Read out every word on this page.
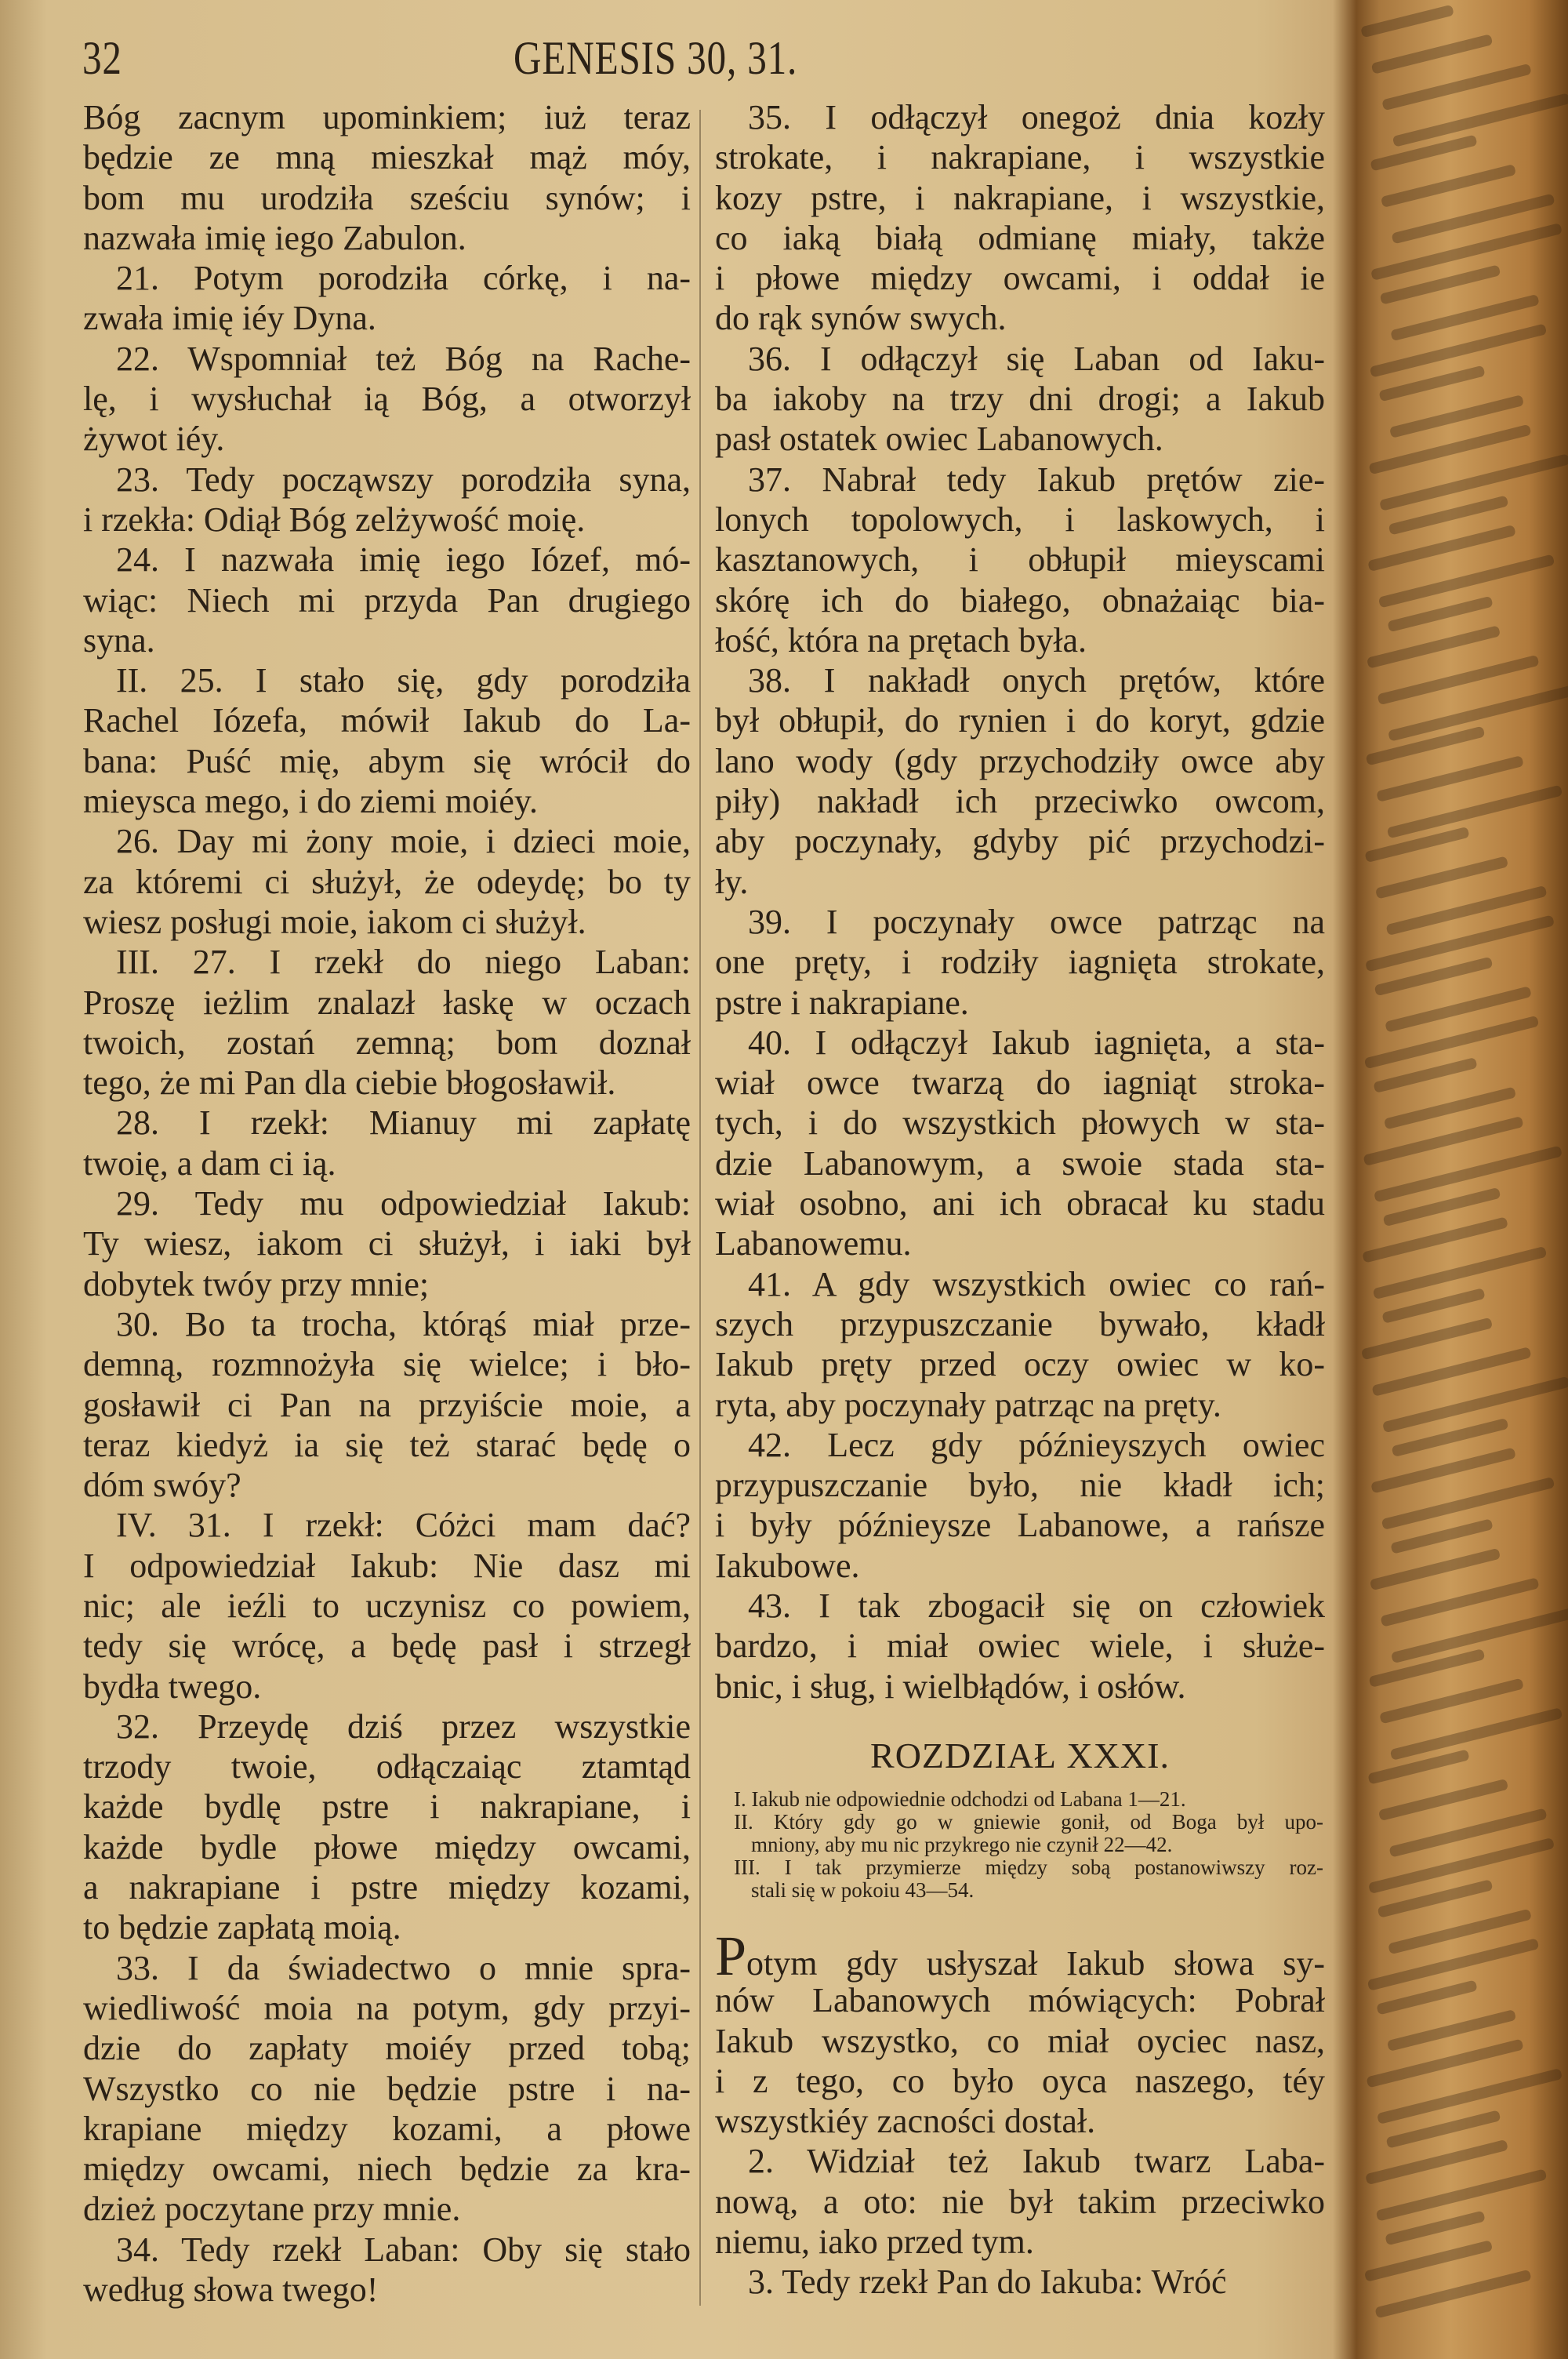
32	GENESIS 30, 31.
Bóg zacnym upominkiem; iuż teraz
będzie ze mną mieszkał mąż móy,
bom mu urodziła sześciu synów; i
nazwała imię iego Zabulon.
21. Potym porodziła córkę, i na-
zwała imię iéy Dyna.
22. Wspomniał też Bóg na Rache-
lę, i wysłuchał ią Bóg, a otworzył
żywot iéy.
23. Tedy począwszy porodziła syna,
i rzekła: Odiął Bóg zelżywość moię.
24. I nazwała imię iego Iózef, mó-
wiąc: Niech mi przyda Pan drugiego
syna.
II. 25. I stało się, gdy porodziła
Rachel Iózefa, mówił Iakub do La-
bana: Puść mię, abym się wrócił do
mieysca mego, i do ziemi moiéy.
26. Day mi żony moie, i dzieci moie,
za któremi ci służył, że odeydę; bo ty
wiesz posługi moie, iakom ci służył.
III. 27. I rzekł do niego Laban:
Proszę ieżlim znalazł łaskę w oczach
twoich, zostań zemną; bom doznał
tego, że mi Pan dla ciebie błogosławił.
28. I rzekł: Mianuy mi zapłatę
twoię, a dam ci ią.
29. Tedy mu odpowiedział Iakub:
Ty wiesz, iakom ci służył, i iaki był
dobytek twóy przy mnie;
30. Bo ta trocha, którąś miał prze-
demną, rozmnożyła się wielce; i bło-
gosławił ci Pan na przyiście moie, a
teraz kiedyż ia się też starać będę o
dóm swóy?
IV. 31. I rzekł: Cóżci mam dać?
I odpowiedział Iakub: Nie dasz mi
nic; ale ieźli to uczynisz co powiem,
tedy się wrócę, a będę pasł i strzegł
bydła twego.
32. Przeydę dziś przez wszystkie
trzody twoie, odłączaiąc ztamtąd
każde bydlę pstre i nakrapiane, i
każde bydle płowe między owcami,
a nakrapiane i pstre między kozami,
to będzie zapłatą moią.
33. I da świadectwo o mnie spra-
wiedliwość moia na potym, gdy przyi-
dzie do zapłaty moiéy przed tobą;
Wszystko co nie będzie pstre i na-
krapiane między kozami, a płowe
między owcami, niech będzie za kra-
dzież poczytane przy mnie.
34. Tedy rzekł Laban: Oby się stało
według słowa twego!
35. I odłączył onegoż dnia kozły
strokate, i nakrapiane, i wszystkie
kozy pstre, i nakrapiane, i wszystkie,
co iaką białą odmianę miały, także
i płowe między owcami, i oddał ie
do rąk synów swych.
36. I odłączył się Laban od Iaku-
ba iakoby na trzy dni drogi; a Iakub
pasł ostatek owiec Labanowych.
37. Nabrał tedy Iakub prętów zie-
lonych topolowych, i laskowych, i
kasztanowych, i obłupił mieyscami
skórę ich do białego, obnażaiąc bia-
łość, która na prętach była.
38. I nakładł onych prętów, które
był obłupił, do rynien i do koryt, gdzie
lano wody (gdy przychodziły owce aby
piły) nakładł ich przeciwko owcom,
aby poczynały, gdyby pić przychodzi-
ły.
39. I poczynały owce patrząc na
one pręty, i rodziły iagnięta strokate,
pstre i nakrapiane.
40. I odłączył Iakub iagnięta, a sta-
wiał owce twarzą do iagniąt stroka-
tych, i do wszystkich płowych w sta-
dzie Labanowym, a swoie stada sta-
wiał osobno, ani ich obracał ku stadu
Labanowemu.
41. A gdy wszystkich owiec co rań-
szych przypuszczanie bywało, kładł
Iakub pręty przed oczy owiec w ko-
ryta, aby poczynały patrząc na pręty.
42. Lecz gdy późnieyszych owiec
przypuszczanie było, nie kładł ich;
i były późnieysze Labanowe, a rańsze
Iakubowe.
43. I tak zbogacił się on człowiek
bardzo, i miał owiec wiele, i służe-
bnic, i sług, i wielbłądów, i osłów.
ROZDZIAŁ XXXI.
I. Iakub nie odpowiednie odchodzi od Labana 1—21.
II. Który gdy go w gniewie gonił, od Boga był upo-
mniony, aby mu nic przykrego nie czynił 22—42.
III. I tak przymierze między sobą postanowiwszy roz-
stali się w pokoiu 43—54.
Potym gdy usłyszał Iakub słowa sy-
nów Labanowych mówiących: Pobrał
Iakub wszystko, co miał oyciec nasz,
i z tego, co było oyca naszego, téy
wszystkiéy zacności dostał.
2. Widział też Iakub twarz Laba-
nową, a oto: nie był takim przeciwko
niemu, iako przed tym.
3. Tedy rzekł Pan do Iakuba: Wróć
